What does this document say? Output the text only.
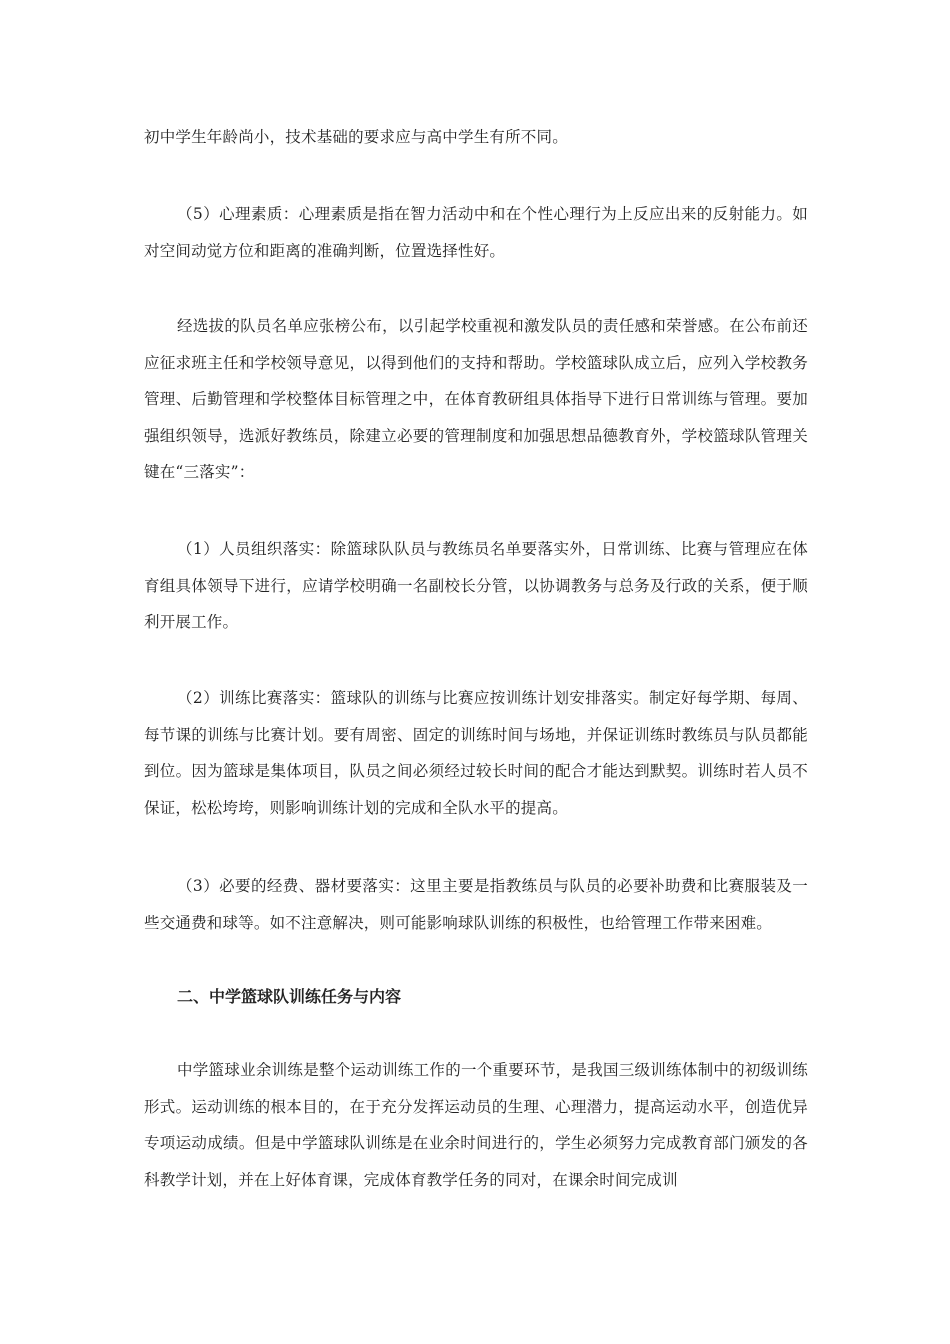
初中学生年龄尚小，技术基础的要求应与高中学生有所不同。

（5）心理素质：心理素质是指在智力活动中和在个性心理行为上反应出来的反射能力。如对空间动觉方位和距离的准确判断，位置选择性好。

经选拔的队员名单应张榜公布，以引起学校重视和激发队员的责任感和荣誉感。在公布前还应征求班主任和学校领导意见，以得到他们的支持和帮助。学校篮球队成立后，应列入学校教务管理、后勤管理和学校整体目标管理之中，在体育教研组具体指导下进行日常训练与管理。要加强组织领导，选派好教练员，除建立必要的管理制度和加强思想品德教育外，学校篮球队管理关键在“三落实”：

（1）人员组织落实：除篮球队队员与教练员名单要落实外，日常训练、比赛与管理应在体育组具体领导下进行，应请学校明确一名副校长分管，以协调教务与总务及行政的关系，便于顺利开展工作。

（2）训练比赛落实：篮球队的训练与比赛应按训练计划安排落实。制定好每学期、每周、每节课的训练与比赛计划。要有周密、固定的训练时间与场地，并保证训练时教练员与队员都能到位。因为篮球是集体项目，队员之间必须经过较长时间的配合才能达到默契。训练时若人员不保证，松松垮垮，则影响训练计划的完成和全队水平的提高。

（3）必要的经费、器材要落实：这里主要是指教练员与队员的必要补助费和比赛服装及一些交通费和球等。如不注意解决，则可能影响球队训练的积极性，也给管理工作带来困难。

二、中学篮球队训练任务与内容

中学篮球业余训练是整个运动训练工作的一个重要环节，是我国三级训练体制中的初级训练形式。运动训练的根本目的，在于充分发挥运动员的生理、心理潜力，提高运动水平，创造优异专项运动成绩。但是中学篮球队训练是在业余时间进行的，学生必须努力完成教育部门颁发的各科教学计划，并在上好体育课，完成体育教学任务的同对，在课余时间完成训
